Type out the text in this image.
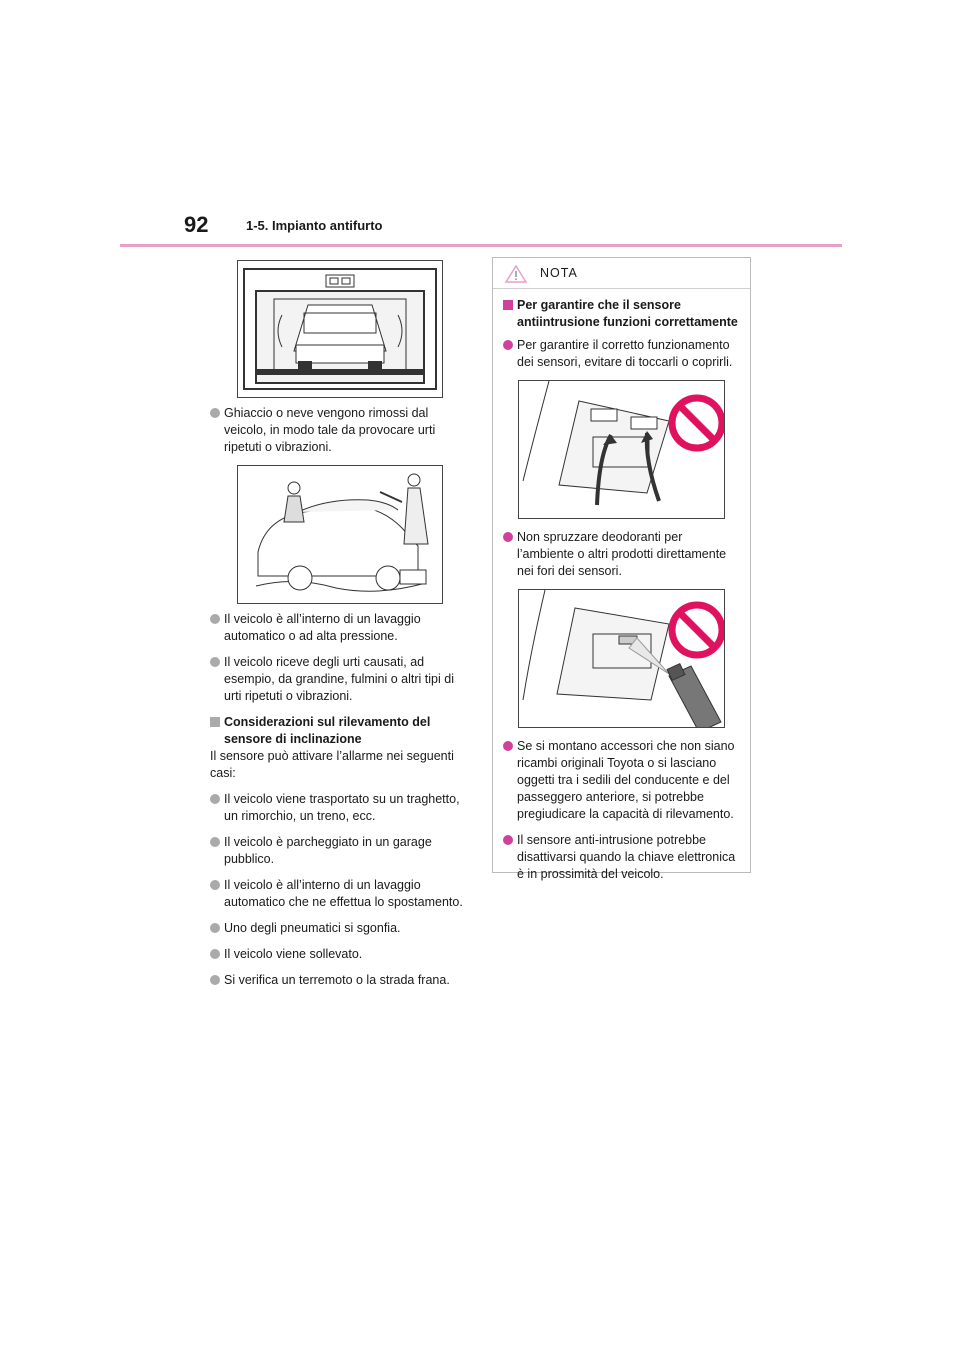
92	1-5. Impianto antifurto

Ghiaccio o neve vengono rimossi dal veicolo, in modo tale da provocare urti ripetuti o vibrazioni.

Il veicolo è all’interno di un lavaggio automatico o ad alta pressione.

Il veicolo riceve degli urti causati, ad esempio, da grandine, fulmini o altri tipi di urti ripetuti o vibrazioni.

Considerazioni sul rilevamento del sensore di inclinazione

Il sensore può attivare l’allarme nei seguenti casi:

Il veicolo viene trasportato su un traghetto, un rimorchio, un treno, ecc.

Il veicolo è parcheggiato in un garage pubblico.

Il veicolo è all’interno di un lavaggio automatico che ne effettua lo spostamento.

Uno degli pneumatici si sgonfia.

Il veicolo viene sollevato.

Si verifica un terremoto o la strada frana.

NOTA

Per garantire che il sensore antiintrusione funzioni correttamente

Per garantire il corretto funzionamento dei sensori, evitare di toccarli o coprirli.

Non spruzzare deodoranti per l’ambiente o altri prodotti direttamente nei fori dei sensori.

Se si montano accessori che non siano ricambi originali Toyota o si lasciano oggetti tra i sedili del conducente e del passeggero anteriore, si potrebbe pregiudicare la capacità di rilevamento.

Il sensore anti-intrusione potrebbe disattivarsi quando la chiave elettronica è in prossimità del veicolo.
